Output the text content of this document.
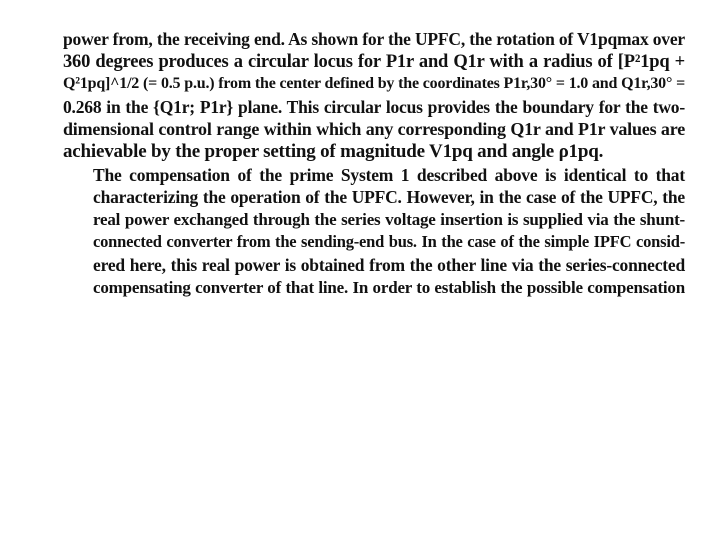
power from, the receiving end. As shown for the UPFC, the rotation of V1pqmax over
360 degrees produces a circular locus for P1r and Q1r with a radius of [P²1pq +
Q²1pq]^1/2 (= 0.5 p.u.) from the center defined by the coordinates P1r,30° = 1.0 and Q1r,30° =
0.268 in the {Q1r; P1r} plane. This circular locus provides the boundary for the two-
dimensional control range within which any corresponding Q1r and P1r values are
achievable by the proper setting of magnitude V1pq and angle ρ1pq.

The compensation of the prime System 1 described above is identical to that
characterizing the operation of the UPFC. However, in the case of the UPFC, the
real power exchanged through the series voltage insertion is supplied via the shunt-
connected converter from the sending-end bus. In the case of the simple IPFC consid-
ered here, this real power is obtained from the other line via the series-connected
compensating converter of that line. In order to establish the possible compensation
